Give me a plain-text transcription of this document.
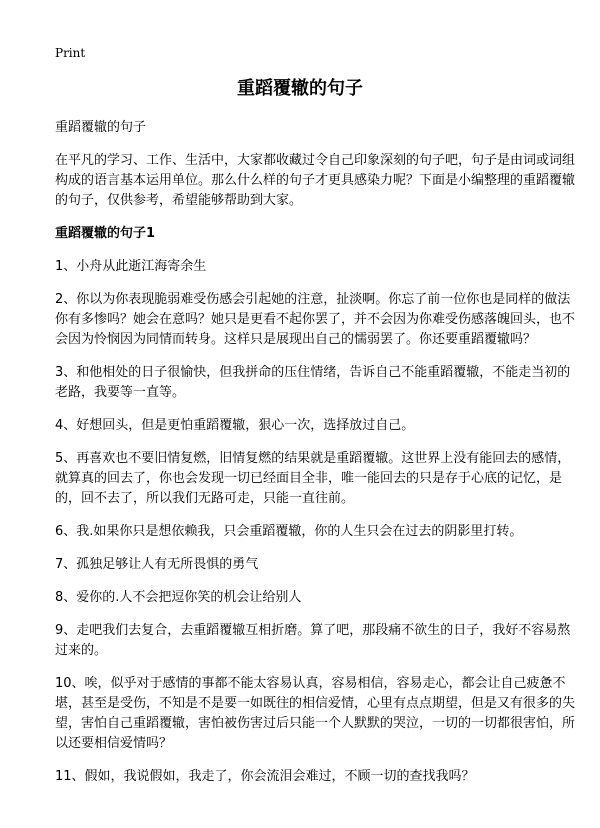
Print
重蹈覆辙的句子

重蹈覆辙的句子

在平凡的学习、工作、生活中，大家都收藏过令自己印象深刻的句子吧，句子是由词或词组构成的语言基本运用单位。那么什么样的句子才更具感染力呢？下面是小编整理的重蹈覆辙的句子，仅供参考，希望能够帮助到大家。

重蹈覆辙的句子1

1、小舟从此逝江海寄余生

2、你以为你表现脆弱难受伤感会引起她的注意，扯淡啊。你忘了前一位你也是同样的做法你有多惨吗？她会在意吗？她只是更看不起你罢了，并不会因为你难受伤感落魄回头，也不会因为怜悯因为同情而转身。这样只是展现出自己的懦弱罢了。你还要重蹈覆辙吗？

3、和他相处的日子很愉快，但我拼命的压住情绪，告诉自己不能重蹈覆辙，不能走当初的老路，我要等一直等。

4、好想回头，但是更怕重蹈覆辙，狠心一次，选择放过自己。

5、再喜欢也不要旧情复燃，旧情复燃的结果就是重蹈覆辙。这世界上没有能回去的感情，就算真的回去了，你也会发现一切已经面目全非，唯一能回去的只是存于心底的记忆，是的，回不去了，所以我们无路可走，只能一直往前。

6、我.如果你只是想依赖我，只会重蹈覆辙，你的人生只会在过去的阴影里打转。

7、孤独足够让人有无所畏惧的勇气

8、爱你的.人不会把逗你笑的机会让给别人

9、走吧我们去复合，去重蹈覆辙互相折磨。算了吧，那段痛不欲生的日子，我好不容易熬过来的。

10、唉，似乎对于感情的事都不能太容易认真，容易相信，容易走心，都会让自己疲惫不堪，甚至是受伤，不知是不是要一如既往的相信爱情，心里有点点期望，但是又有很多的失望，害怕自己重蹈覆辙，害怕被伤害过后只能一个人默默的哭泣，一切的一切都很害怕，所以还要相信爱情吗？

11、假如，我说假如，我走了，你会流泪会难过，不顾一切的查找我吗？
